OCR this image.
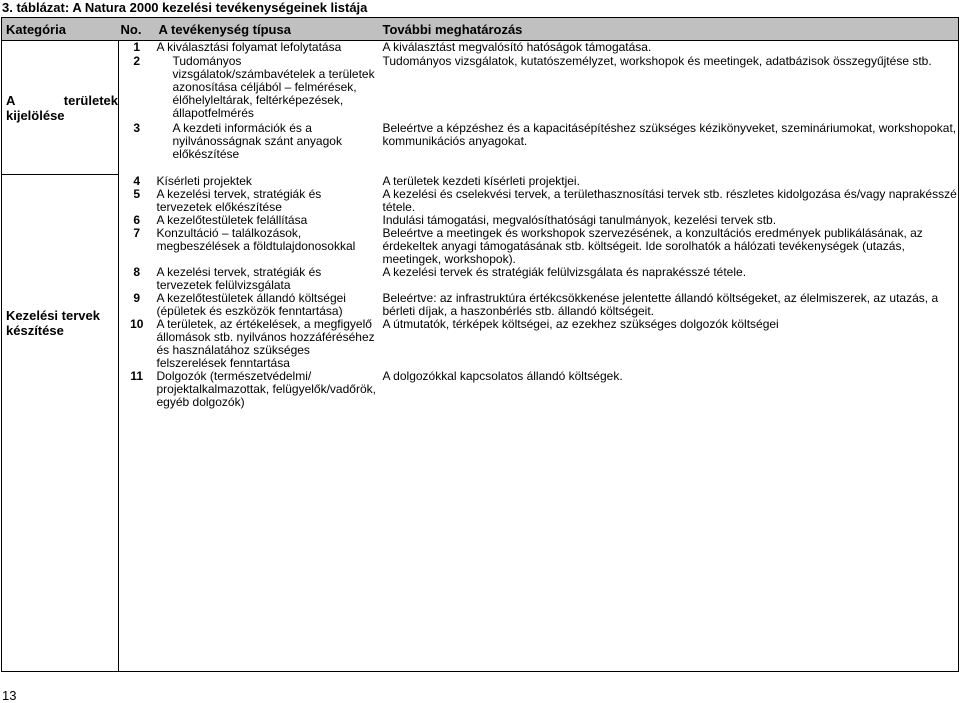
3. táblázat: A Natura 2000 kezelési tevékenységeinek listája
Kategória	No.	A tevékenység típusa	További meghatározás
A területek kijelölése	1	A kiválasztási folyamat lefolytatása	A kiválasztást megvalósító hatóságok támogatása.
	2	Tudományos vizsgálatok/számbavételek a területek azonosítása céljából – felmérések, élőhelyleltárak, feltérképezések, állapotfelmérés	Tudományos vizsgálatok, kutatószemélyzet, workshopok és meetingek, adatbázisok összegyűjtése stb.
	3	A kezdeti információk és a nyilvánosságnak szánt anyagok előkészítése	Beleértve a képzéshez és a kapacitásépítéshez szükséges kézikönyveket, szemináriumokat, workshopokat, kommunikációs anyagokat.
Kezelési tervek készítése	4	Kísérleti projektek	A területek kezdeti kísérleti projektjei.
	5	A kezelési tervek, stratégiák és tervezetek előkészítése	A kezelési és cselekvési tervek, a területhasznosítási tervek stb. részletes kidolgozása és/vagy naprakésszé tétele.
	6	A kezelőtestületek felállítása	Indulási támogatási, megvalósíthatósági tanulmányok, kezelési tervek stb.
	7	Konzultáció – találkozások, megbeszélések a földtulajdonosokkal	Beleértve a meetingek és workshopok szervezésének, a konzultációs eredmények publikálásának, az érdekeltek anyagi támogatásának stb. költségeit. Ide sorolhatók a hálózati tevékenységek (utazás, meetingek, workshopok).
	8	A kezelési tervek, stratégiák és tervezetek felülvizsgálata	A kezelési tervek és stratégiák felülvizsgálata és naprakésszé tétele.
	9	A kezelőtestületek állandó költségei (épületek és eszközök fenntartása)	Beleértve: az infrastruktúra értékcsökkenése jelentette állandó költségeket, az élelmiszerek, az utazás, a bérleti díjak, a haszonbérlés stb. állandó költségeit.
	10	A területek, az értékelések, a megfigyelő állomások stb. nyilvános hozzáféréséhez és használatához szükséges felszerelések fenntartása	A útmutatók, térképek költségei, az ezekhez szükséges dolgozók költségei
	11	Dolgozók (természetvédelmi/ projektalkalmazottak, felügyelők/vadőrök, egyéb dolgozók)	A dolgozókkal kapcsolatos állandó költségek.
13
